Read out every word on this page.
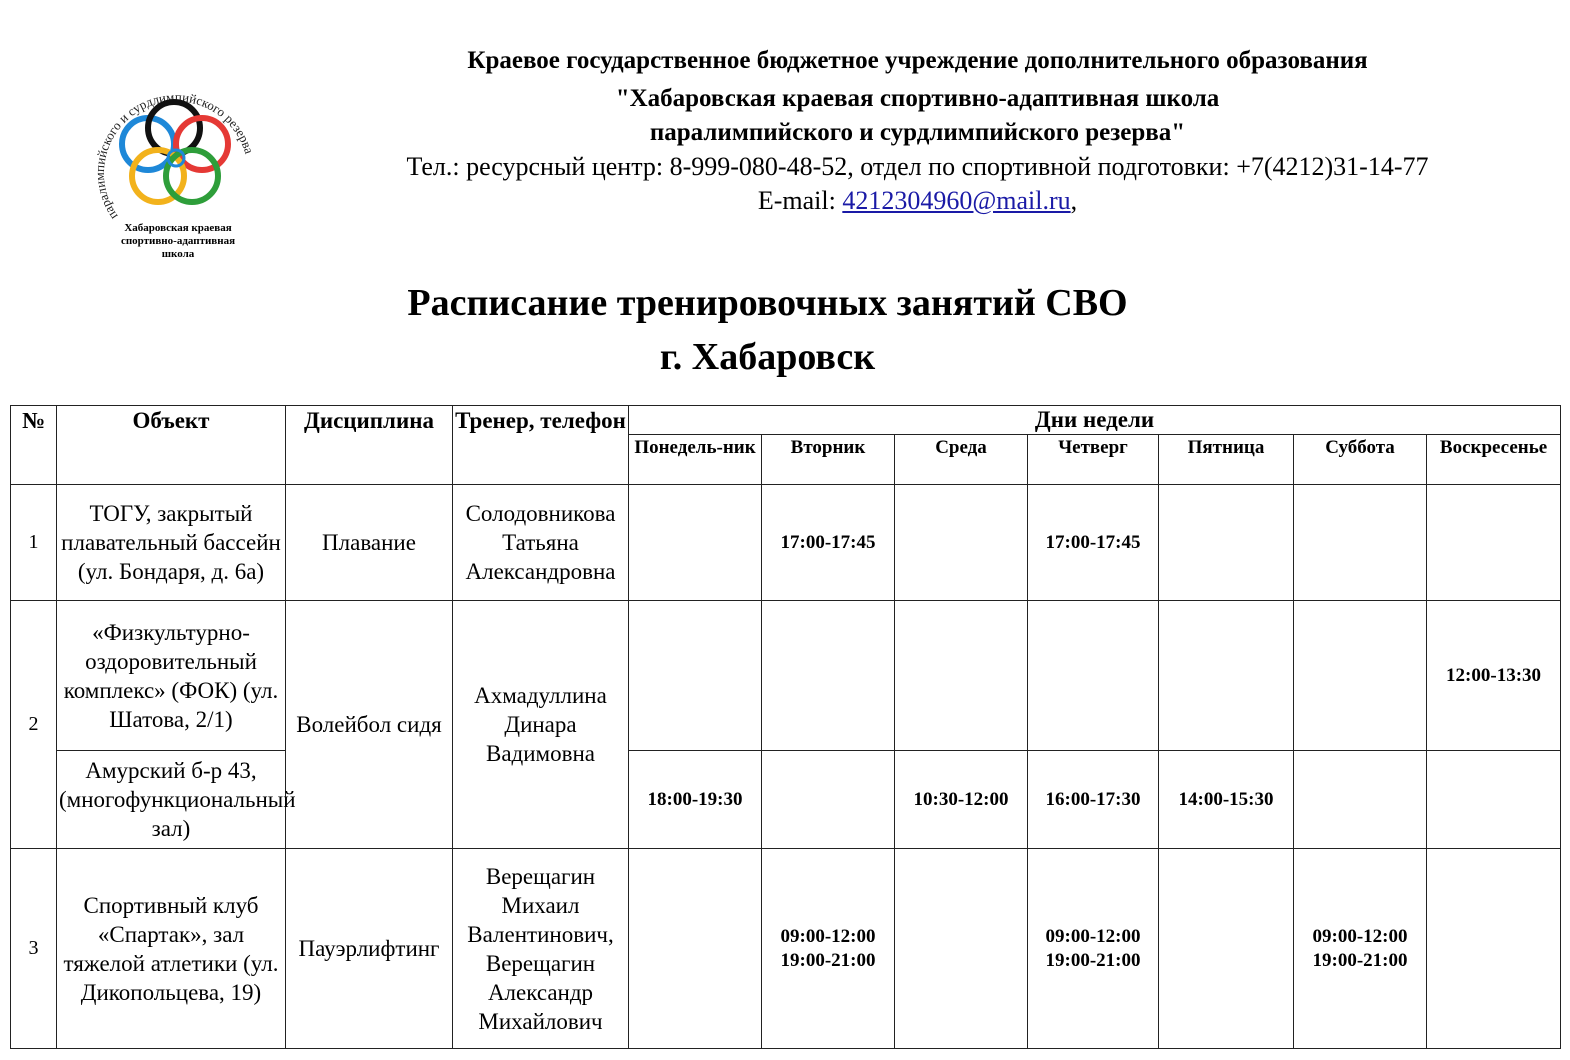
паралимпийского и сурдлимпийского резерва
Хабаровская краевая
спортивно-адаптивная
школа
Краевое государственное бюджетное учреждение дополнительного образования
"Хабаровская краевая спортивно-адаптивная школа
паралимпийского и сурдлимпийского резерва"
Тел.: ресурсный центр: 8-999-080-48-52, отдел по спортивной подготовки: +7(4212)31-14-77
E-mail: 4212304960@mail.ru,
Расписание тренировочных занятий СВО
г. Хабаровск
№	Объект	Дисциплина	Тренер, телефон	Дни недели						
				Понедель-ник	Вторник	Среда	Четверг	Пятница	Суббота	Воскресенье
1	ТОГУ, закрытый плавательный бассейн (ул. Бондаря, д. 6а)	Плавание	Солодовникова Татьяна Александровна		17:00-17:45		17:00-17:45			
2	«Физкультурно-оздоровительный комплекс» (ФОК) (ул. Шатова, 2/1)	Волейбол сидя	Ахмадуллина Динара Вадимовна							12:00-13:30
	Амурский б-р 43, (многофункциональный зал)			18:00-19:30		10:30-12:00	16:00-17:30	14:00-15:30		
3	Спортивный клуб «Спартак», зал тяжелой атлетики (ул. Дикопольцева, 19)	Пауэрлифтинг	Верещагин Михаил Валентинович, Верещагин Александр Михайлович		09:00-12:00
19:00-21:00		09:00-12:00
19:00-21:00		09:00-12:00
19:00-21:00	
